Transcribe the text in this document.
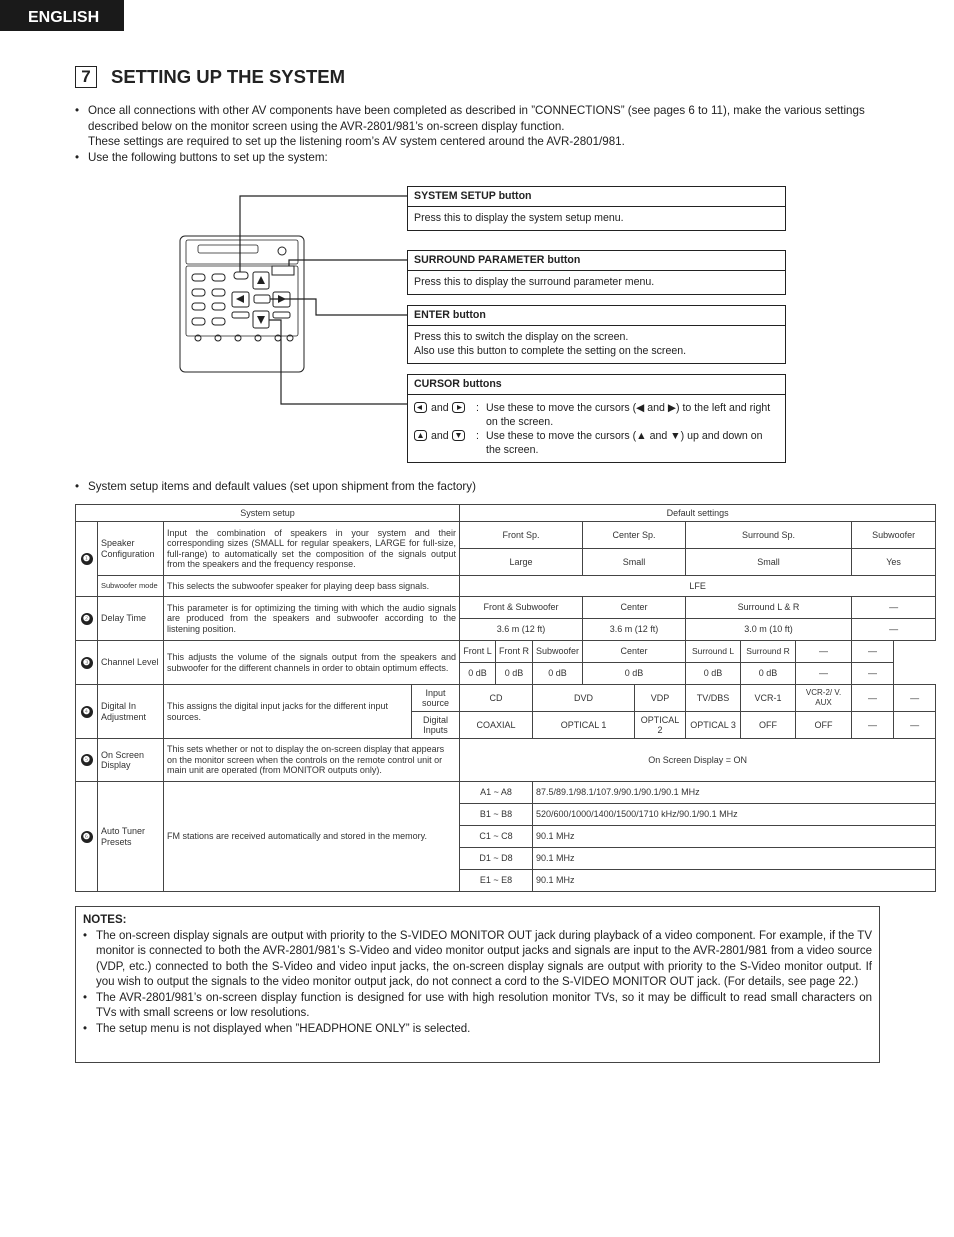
ENGLISH
7	SETTING UP THE SYSTEM
• Once all connections with other AV components have been completed as described in ”CONNECTIONS” (see pages 6 to 11), make the various settings described below on the monitor screen using the AVR-2801/981’s on-screen display function.
These settings are required to set up the listening room’s AV system centered around the AVR-2801/981.
• Use the following buttons to set up the system:
SYSTEM SETUP button
Press this to display the system setup menu.
SURROUND PARAMETER button
Press this to display the surround parameter menu.
ENTER button
Press this to switch the display on the screen.
Also use this button to complete the setting on the screen.
CURSOR buttons
and	: Use these to move the cursors (◀ and ▶) to the left and right on the screen.
and	: Use these to move the cursors (▲ and ▼) up and down on the screen.
• System setup items and default values (set upon shipment from the factory)
System setup				Default settings									
❶	Speaker Configuration	Input the combination of speakers in your system and their corresponding sizes (SMALL for regular speakers, LARGE for full-size, full-range) to automatically set the composition of the signals output from the speakers and the frequency response.		Front Sp.			Center Sp.		Surround Sp.			Subwoofer	
				Large			Small		Small			Yes	
	Subwoofer mode	This selects the subwoofer speaker for playing deep bass signals.		LFE									
❷	Delay Time	This parameter is for optimizing the timing with which the audio signals are produced from the speakers and subwoofer according to the listening position.		Front & Subwoofer			Center		Surround L & R			—	
				3.6 m (12 ft)			3.6 m (12 ft)		3.0 m (10 ft)			—	
❸	Channel Level	This adjusts the volume of the signals output from the speakers and subwoofer for the different channels in order to obtain optimum effects.		Front L	Front R	Subwoofer	Center		Surround L	Surround R	—	—	
				0 dB	0 dB	0 dB	0 dB		0 dB	0 dB	—	—	
❹	Digital In Adjustment	This assigns the digital input jacks for the different input sources.	Input source	CD		DVD		VDP	TV/DBS	VCR-1	VCR-2/ V. AUX	—	—
			Digital Inputs	COAXIAL		OPTICAL 1		OPTICAL 2	OPTICAL 3	OFF	OFF	—	—
❺	On Screen Display	This sets whether or not to display the on-screen display that appears on the monitor screen when the controls on the remote control unit or main unit are operated (from MONITOR outputs only).		On Screen Display = ON									
❻	Auto Tuner Presets	FM stations are received automatically and stored in the memory.		A1 ~ A8		87.5/89.1/98.1/107.9/90.1/90.1/90.1 MHz							
				B1 ~ B8		520/600/1000/1400/1500/1710 kHz/90.1/90.1 MHz							
				C1 ~ C8		90.1 MHz							
				D1 ~ D8		90.1 MHz							
				E1 ~ E8		90.1 MHz							
NOTES:
• The on-screen display signals are output with priority to the S-VIDEO MONITOR OUT jack during playback of a video component. For example, if the TV monitor is connected to both the AVR-2801/981’s S-Video and video monitor output jacks and signals are input to the AVR-2801/981 from a video source (VDP, etc.) connected to both the S-Video and video input jacks, the on-screen display signals are output with priority to the S-Video monitor output. If you wish to output the signals to the video monitor output jack, do not connect a cord to the S-VIDEO MONITOR OUT jack. (For details, see page 22.)
• The AVR-2801/981’s on-screen display function is designed for use with high resolution monitor TVs, so it may be difficult to read small characters on TVs with small screens or low resolutions.
• The setup menu is not displayed when ”HEADPHONE ONLY” is selected.
